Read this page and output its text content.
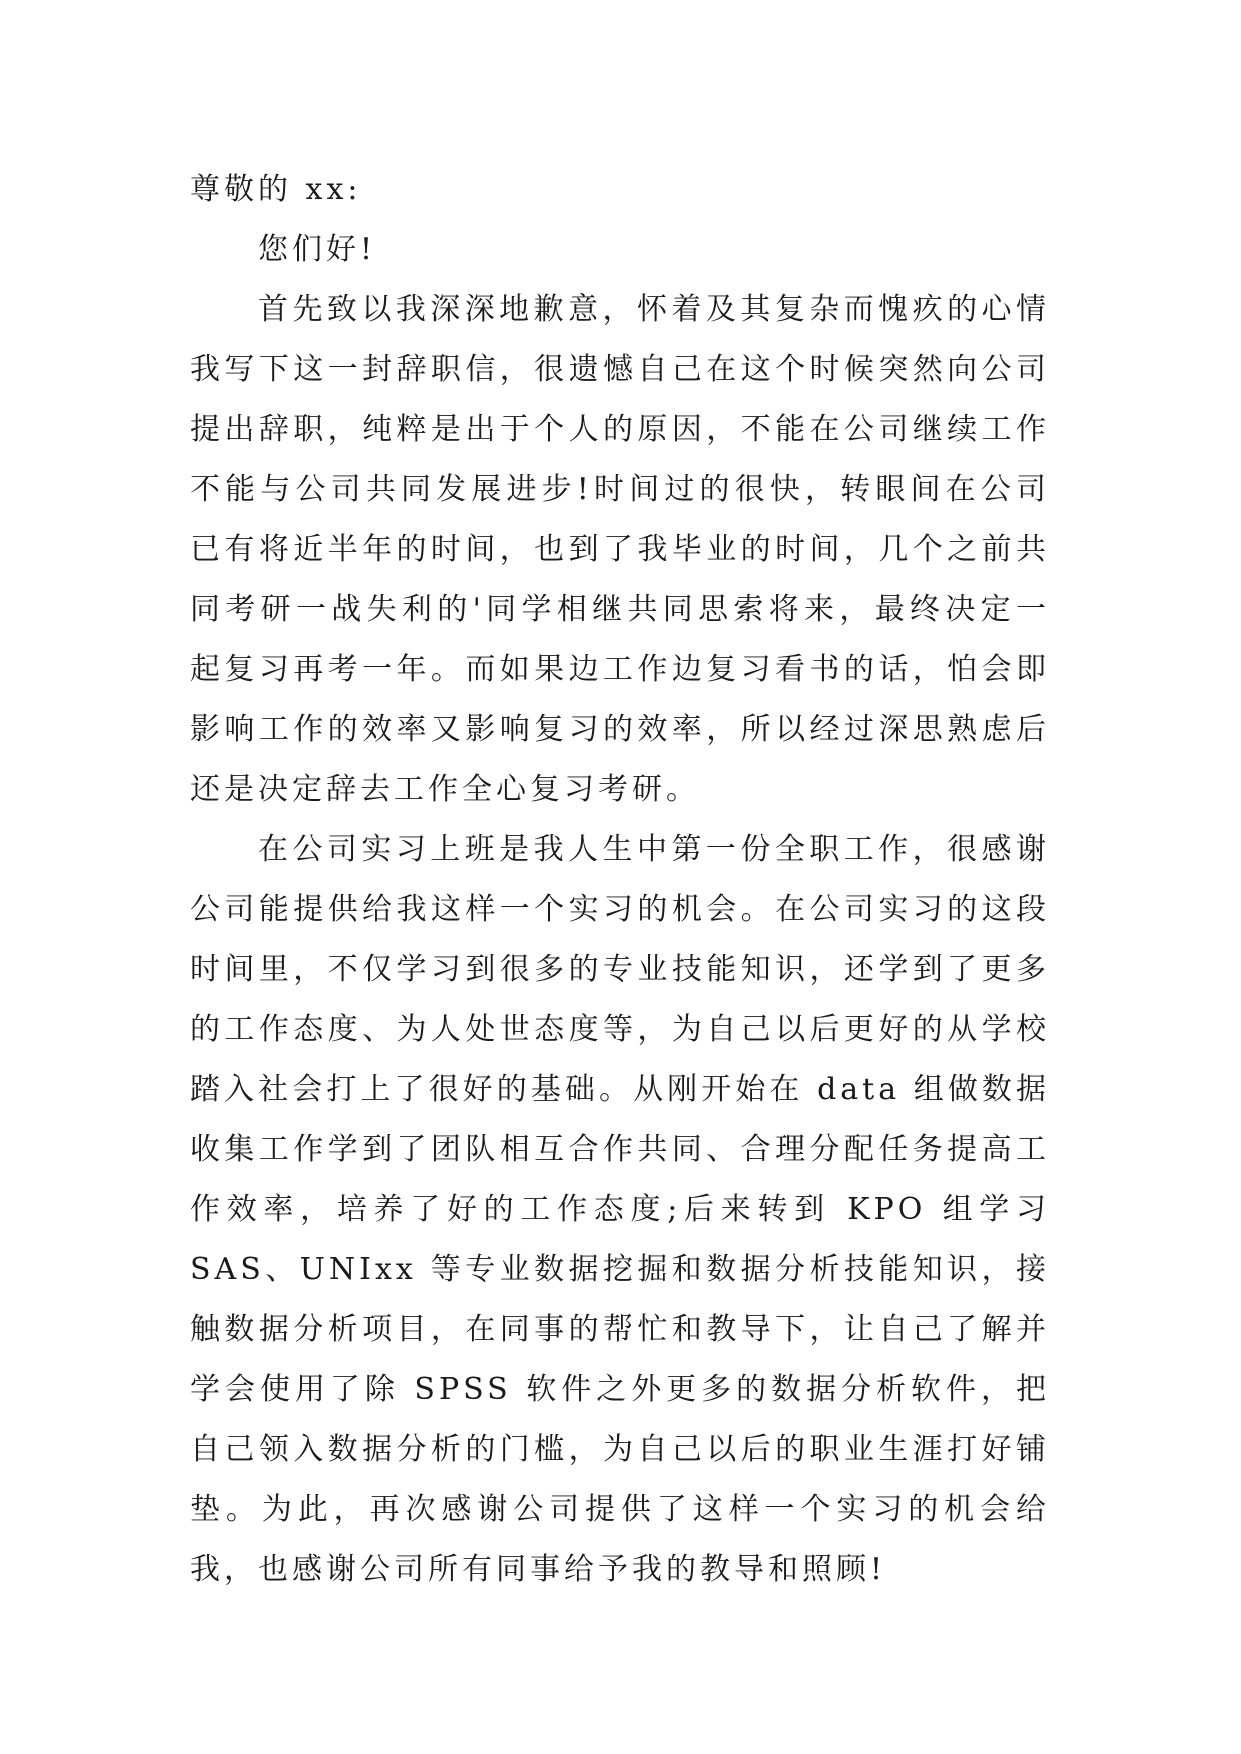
尊敬的 xx:

您们好!

首先致以我深深地歉意，怀着及其复杂而愧疚的心情我写下这一封辞职信，很遗憾自己在这个时候突然向公司提出辞职，纯粹是出于个人的原因，不能在公司继续工作不能与公司共同发展进步!时间过的很快，转眼间在公司已有将近半年的时间，也到了我毕业的时间，几个之前共同考研一战失利的'同学相继共同思索将来，最终决定一起复习再考一年。而如果边工作边复习看书的话，怕会即影响工作的效率又影响复习的效率，所以经过深思熟虑后还是决定辞去工作全心复习考研。

在公司实习上班是我人生中第一份全职工作，很感谢公司能提供给我这样一个实习的机会。在公司实习的这段时间里，不仅学习到很多的专业技能知识，还学到了更多的工作态度、为人处世态度等，为自己以后更好的从学校踏入社会打上了很好的基础。从刚开始在 data 组做数据收集工作学到了团队相互合作共同、合理分配任务提高工作效率，培养了好的工作态度;后来转到 KPO 组学习 SAS、UNIxx 等专业数据挖掘和数据分析技能知识，接触数据分析项目，在同事的帮忙和教导下，让自己了解并学会使用了除 SPSS 软件之外更多的数据分析软件，把自己领入数据分析的门槛，为自己以后的职业生涯打好铺垫。为此，再次感谢公司提供了这样一个实习的机会给我，也感谢公司所有同事给予我的教导和照顾!
